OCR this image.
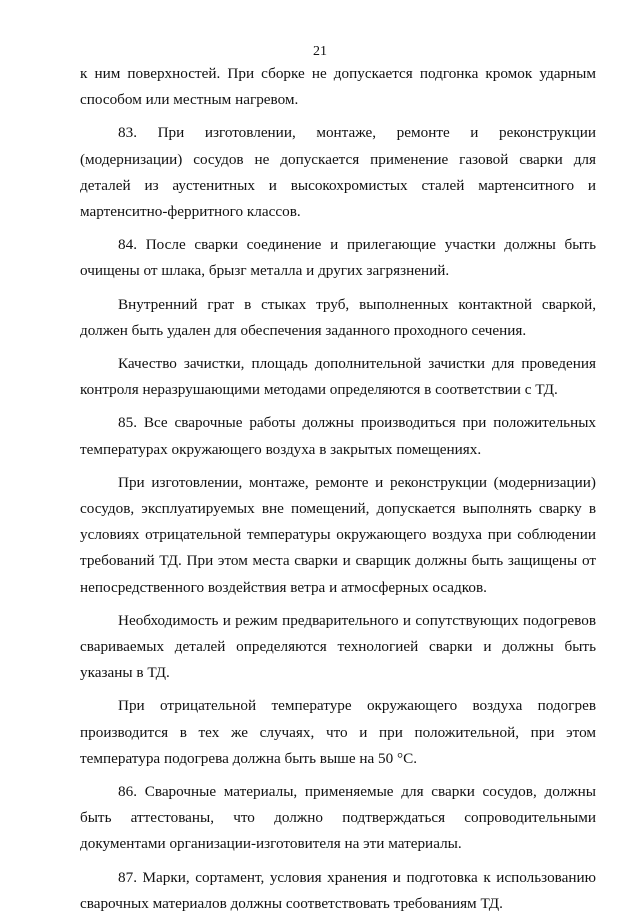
21

к ним поверхностей. При сборке не допускается подгонка кромок ударным способом или местным нагревом.

83. При изготовлении, монтаже, ремонте и реконструкции (модернизации) сосудов не допускается применение газовой сварки для деталей из аустенитных и высокохромистых сталей мартенситного и мартенситно-ферритного классов.

84. После сварки соединение и прилегающие участки должны быть очищены от шлака, брызг металла и других загрязнений.

Внутренний грат в стыках труб, выполненных контактной сваркой, должен быть удален для обеспечения заданного проходного сечения.

Качество зачистки, площадь дополнительной зачистки для проведения контроля неразрушающими методами определяются в соответствии с ТД.

85. Все сварочные работы должны производиться при положительных температурах окружающего воздуха в закрытых помещениях.

При изготовлении, монтаже, ремонте и реконструкции (модернизации) сосудов, эксплуатируемых вне помещений, допускается выполнять сварку в условиях отрицательной температуры окружающего воздуха при соблюдении требований ТД. При этом места сварки и сварщик должны быть защищены от непосредственного воздействия ветра и атмосферных осадков.

Необходимость и режим предварительного и сопутствующих подогревов свариваемых деталей определяются технологией сварки и должны быть указаны в ТД.

При отрицательной температуре окружающего воздуха подогрев производится в тех же случаях, что и при положительной, при этом температура подогрева должна быть выше на 50 °С.

86. Сварочные материалы, применяемые для сварки сосудов, должны быть аттестованы, что должно подтверждаться сопроводительными документами организации-изготовителя на эти материалы.

87. Марки, сортамент, условия хранения и подготовка к использованию сварочных материалов должны соответствовать требованиям ТД.
